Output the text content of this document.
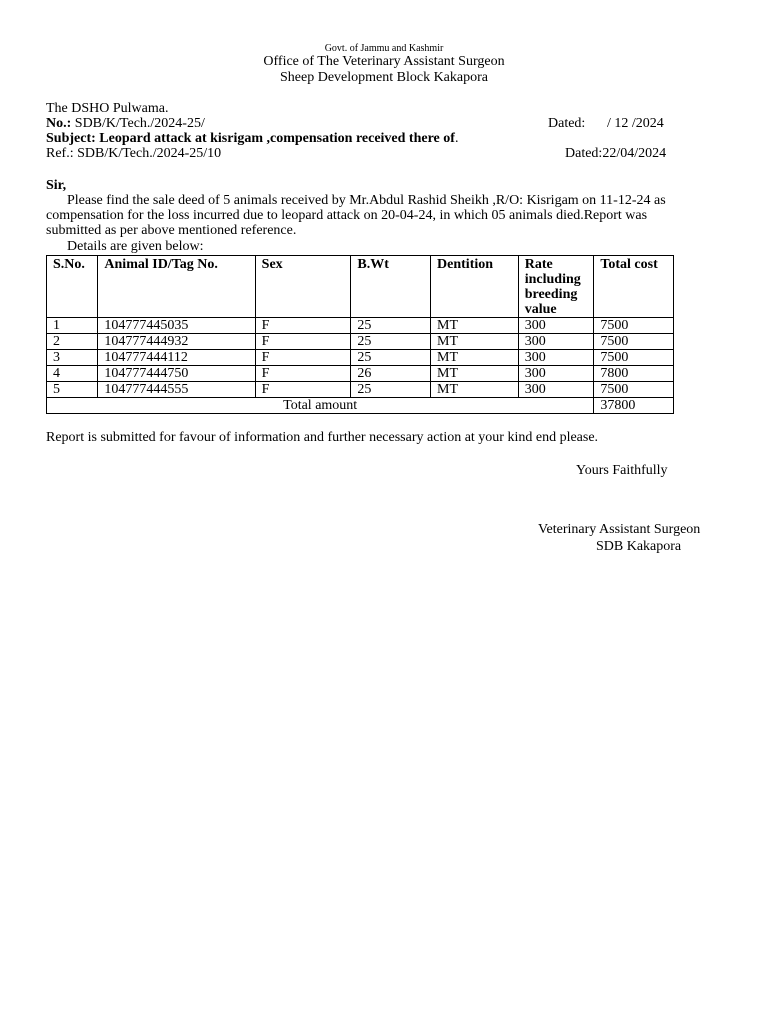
Govt. of Jammu and Kashmir
Office of The Veterinary Assistant Surgeon
Sheep Development Block Kakapora
The DSHO Pulwama.
No.: SDB/K/Tech./2024-25/	Dated: / 12 /2024
Subject: Leopard attack at kisrigam ,compensation received there of.
Ref.: SDB/K/Tech./2024-25/10	Dated:22/04/2024
Sir,
Please find the sale deed of 5 animals received by Mr.Abdul Rashid Sheikh ,R/O: Kisrigam on 11-12-24 as
compensation for the loss incurred due to leopard attack on 20-04-24, in which 05 animals died.Report was
submitted as per above mentioned reference.
Details are given below:
S.No.	Animal ID/Tag No.	Sex	B.Wt	Dentition	Rate including breeding value	Total cost
1	104777445035	F	25	MT	300	7500
2	104777444932	F	25	MT	300	7500
3	104777444112	F	25	MT	300	7500
4	104777444750	F	26	MT	300	7800
5	104777444555	F	25	MT	300	7500
Total amount						37800
Report is submitted for favour of information and further necessary action at your kind end please.
Yours Faithfully
Veterinary Assistant Surgeon
SDB Kakapora
